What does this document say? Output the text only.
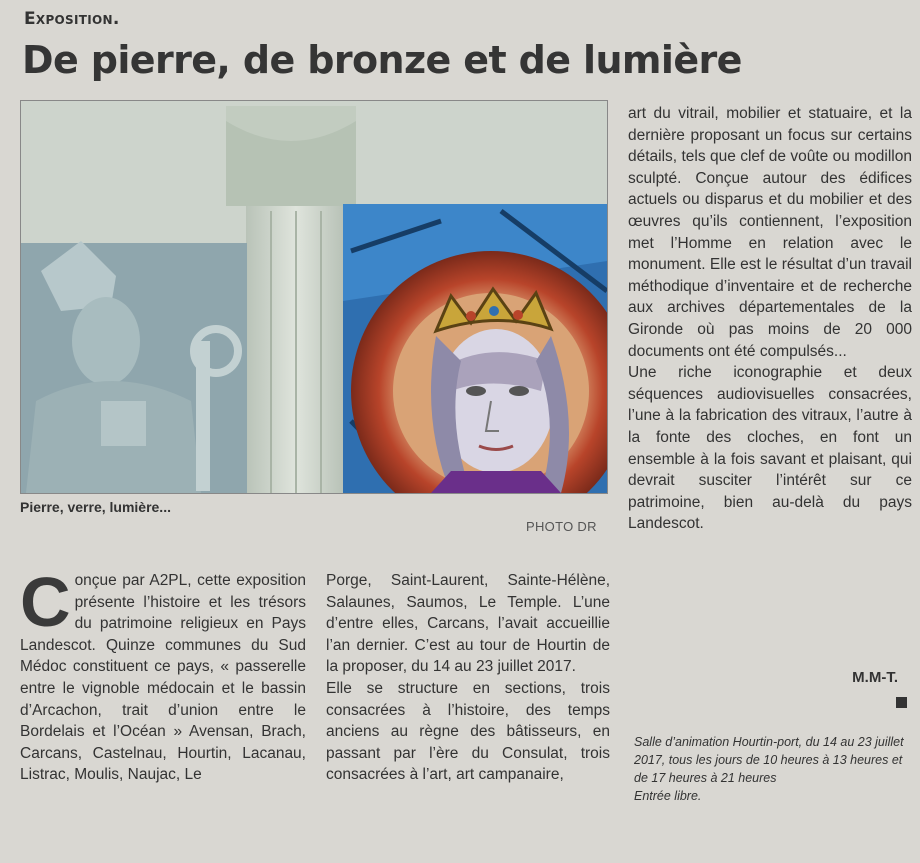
Exposition.
De pierre, de bronze et de lumière
Pierre, verre, lumière...
PHOTO DR
C onçue par A2PL, cette exposition présente l’histoire et les trésors du patrimoine religieux en Pays Landescot. Quinze communes du Sud Médoc constituent ce pays, « passerelle entre le vignoble médocain et le bassin d’Arcachon, trait d’union entre le Bordelais et l’Océan » Avensan, Brach, Carcans, Castelnau, Hourtin, Lacanau, Listrac, Moulis, Naujac, Le

Porge, Saint-Laurent, Sainte-Hélène, Salaunes, Saumos, Le Temple. L’une d’entre elles, Carcans, l’avait accueillie l’an dernier. C’est au tour de Hourtin de la proposer, du 14 au 23 juillet 2017.

Elle se structure en sections, trois consacrées à l’histoire, des temps anciens au règne des bâtisseurs, en passant par l’ère du Consulat, trois consacrées à l’art, art campanaire,

art du vitrail, mobilier et statuaire, et la dernière proposant un focus sur certains détails, tels que clef de voûte ou modillon sculpté. Conçue autour des édifices actuels ou disparus et du mobilier et des œuvres qu’ils contiennent, l’exposition met l’Homme en relation avec le monument. Elle est le résultat d’un travail méthodique d’inventaire et de recherche aux archives départementales de la Gironde où pas moins de 20 000 documents ont été compulsés...

Une riche iconographie et deux séquences audiovisuelles consacrées, l’une à la fabrication des vitraux, l’autre à la fonte des cloches, en font un ensemble à la fois savant et plaisant, qui devrait susciter l’intérêt sur ce patrimoine, bien au-delà du pays Landescot.

M.M-T.
Salle d’animation Hourtin-port, du 14 au 23 juillet 2017, tous les jours de 10 heures à 13 heures et de 17 heures à 21 heures
Entrée libre.
